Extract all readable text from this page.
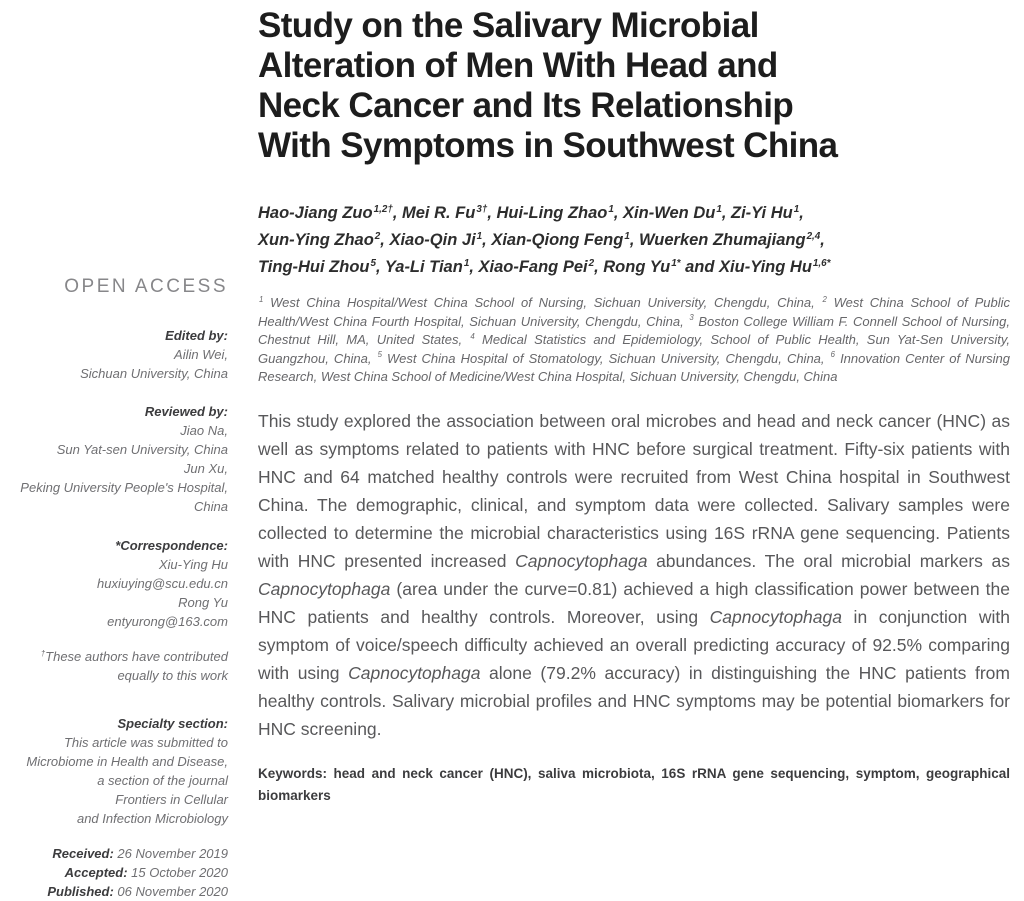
OPEN ACCESS
Edited by:
Ailin Wei,
Sichuan University, China
Reviewed by:
Jiao Na,
Sun Yat-sen University, China
Jun Xu,
Peking University People's Hospital,
China
*Correspondence:
Xiu-Ying Hu
huxiuying@scu.edu.cn
Rong Yu
entyurong@163.com
†These authors have contributed
equally to this work
Specialty section:
This article was submitted to
Microbiome in Health and Disease,
a section of the journal
Frontiers in Cellular
and Infection Microbiology
Received: 26 November 2019
Accepted: 15 October 2020
Published: 06 November 2020
Study on the Salivary Microbial
Alteration of Men With Head and
Neck Cancer and Its Relationship
With Symptoms in Southwest China
Hao-Jiang Zuo$^{1,2\dagger}$, Mei R. $Fu^{3\dagger}$, Hui-Ling Zhao$^1$, Xin-Wen Du$^1$, Zi-Yi Hu$^1$,
Xun-Ying Zhao$^2$, Xiao-Qin Ji$^1$, Xian-Qiong Feng$^1$, Wuerken Zhumajiang$^{2,4}$,
Ting-Hui Zhou$^5$, Ya-Li Tian$^1$, Xiao-Fang Pei$^2$, Rong $Yu^{1*}$ and Xiu-Ying $Hu^{1,6*}$

$^1$ West China Hospital/West China School of Nursing, Sichuan University, Chengdu, China, $^2$ West China School of Public Health/West China Fourth Hospital, Sichuan University, Chengdu, China, $^3$ Boston College William F. Connell School of Nursing, Chestnut Hill, MA, United States, $^4$ Medical Statistics and Epidemiology, School of Public Health, Sun Yat-Sen University, Guangzhou, China, $^5$ West China Hospital of Stomatology, Sichuan University, Chengdu, China, $^6$ Innovation Center of Nursing Research, West China School of Medicine/West China Hospital, Sichuan University, Chengdu, China

This study explored the association between oral microbes and head and neck cancer (HNC) as well as symptoms related to patients with HNC before surgical treatment. Fifty-six patients with HNC and 64 matched healthy controls were recruited from West China hospital in Southwest China. The demographic, clinical, and symptom data were collected. Salivary samples were collected to determine the microbial characteristics using 16S rRNA gene sequencing. Patients with HNC presented increased Capnocytophaga abundances. The oral microbial markers as Capnocytophaga (area under the curve=0.81) achieved a high classification power between the HNC patients and healthy controls. Moreover, using Capnocytophaga in conjunction with symptom of voice/speech difficulty achieved an overall predicting accuracy of 92.5% comparing with using Capnocytophaga alone (79.2% accuracy) in distinguishing the HNC patients from healthy controls. Salivary microbial profiles and HNC symptoms may be potential biomarkers for HNC screening.

Keywords: head and neck cancer (HNC), saliva microbiota, 16S rRNA gene sequencing, symptom, geographical biomarkers
